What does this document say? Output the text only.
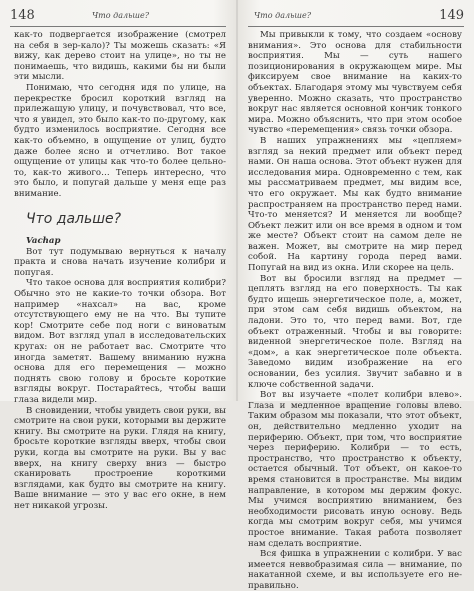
148	Что дальше?

как-то подвергается изображение (смотрел на себя в зер-кало)? Ты можешь сказать: «Я вижу, как дерево стоит на улице», но ты не понимаешь, что видишь, какими бы ни были эти мысли.

Понимаю, что сегодня идя по улице, на перекрестке бросил короткий взгляд на прилежащую улицу, и почувствовал, что все, что я увидел, это было как-то по-другому, как будто изменилось восприятие. Сегодня все как-то объемно, в ощущение от улиц, будто даже более ясно и отчетливо. Вот такое ощущение от улицы как что-то более цельно-то, как-то живого… Теперь интересно, что это было, и попугай дальше у меня еще раз внимание.

Что дальше?

Vachap

Вот тут подумываю вернуться к началу практа и снова начать изучение колибри и попугая.

Что такое основа для восприятия колибри? Обычно это не какие-то точки обзора. Вот например «нахсал» на вас, кроме отсутствующего ему не на что. Вы тупите кор! Смотрите себе под ноги с виноватым видом. Вот взгляд упал в исследовательских кругах: он не работает вас. Смотрите что иногда заметят. Вашему вниманию нужна основа для его перемещения — можно поднять свою голову и бросьте короткие взгляды вокруг. Постарайтесь, чтобы ваши глаза видели мир.

В сновидении, чтобы увидеть свои руки, вы смотрите на свои руки, которыми вы держите книгу. Вы смотрите на руки. Глядя на книгу, бросьте короткие взгляды вверх, чтобы свои руки, когда вы смотрите на руки. Вы у вас вверх, на книгу сверху вниз — быстро сканировать простроение короткими взглядами, как будто вы смотрите на книгу. Ваше внимание — это у вас его окне, в нем нет никакой угрозы.

Что дальше?	149

Мы привыкли к тому, что создаем «основу внимания». Это основа для стабильности восприятия. Мы — суть нашего позиционирования в окружающем мире. Мы фиксируем свое внимание на каких-то объектах. Благодаря этому мы чувствуем себя уверенно. Можно сказать, что пространство вокруг нас является основной кончик тонкого мира. Можно объяснить, что при этом особое чувство «перемещения» связь точки обзора.

В наших упражнениях мы «цепляем» взгляд за некий предмет или объект перед нами. Он наша основа. Этот объект нужен для исследования мира. Одновременно с тем, как мы рассматриваем предмет, мы видим все, что его окружает. Мы как будто внимание распространяем на пространство перед нами. Что-то меняется? И меняется ли вообще? Объект лежит или он все время в одном и том же месте? Объект стоит на самом деле не важен. Может, вы смотрите на мир перед собой. На картину города перед вами. Попугай на вид из окна. Или скорее на цель.

Вот вы бросили взгляд на предмет — цеплять взгляд на его поверхность. Ты как будто ищешь энергетическое поле, а, может, при этом сам себя видишь объектом, на ладони. Это то, что перед вами. Вот, где объект отраженный. Чтобы и вы говорите: виденной энергетическое поле. Взгляд на «дом», а как энергетическое поле объекта. Заведомо видим изображение на его основании, без усилия. Звучит забавно и в ключе собственной задачи.

Вот вы изучаете «полет колибри влево». Глаза и медленное вращение головы влево. Таким образом мы показали, что этот объект, он, действительно медленно уходит на периферию. Объект, при том, что восприятие через периферию. Колибри — то есть, пространство, что пространство к объекту, остается обычный. Тот объект, он какое-то время становится в пространстве. Мы видим направление, в котором мы держим фокус. Мы учимся восприятию вниманием, без необходимости рисовать иную основу. Ведь когда мы смотрим вокруг себя, мы учимся простое внимание. Такая работа позволяет нам сделать восприятие.

Вся фишка в упражнении с колибри. У вас имеется неввобразимая сила — внимание, по накатанной схеме, и вы используете его не-правильно.
